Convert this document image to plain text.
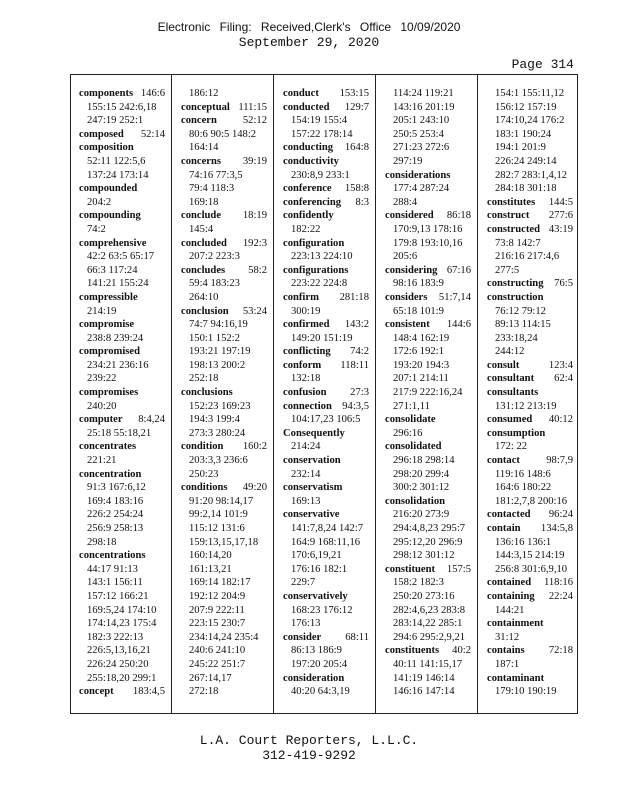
Electronic Filing: Received,Clerk's Office 10/09/2020
September 29, 2020
Page 314
components 146:6
155:15 242:6,18
247:19 252:1
composed 52:14
composition
52:11 122:5,6
137:24 173:14
compounded
204:2
compounding
74:2
comprehensive
42:2 63:5 65:17
66:3 117:24
141:21 155:24
compressible
214:19
compromise
238:8 239:24
compromised
234:21 236:16
239:22
compromises
240:20
computer 8:4,24
25:18 55:18,21
concentrates
221:21
concentration
91:3 167:6,12
169:4 183:16
226:2 254:24
256:9 258:13
298:18
concentrations
44:17 91:13
143:1 156:11
157:12 166:21
169:5,24 174:10
174:14,23 175:4
182:3 222:13
226:5,13,16,21
226:24 250:20
255:18,20 299:1
concept 183:4,5
186:12
conceptual 111:15
concern 52:12
80:6 90:5 148:2
164:14
concerns 39:19
74:16 77:3,5
79:4 118:3
169:18
conclude 18:19
145:4
concluded 192:3
207:2 223:3
concludes 58:2
59:4 183:23
264:10
conclusion 53:24
74:7 94:16,19
150:1 152:2
193:21 197:19
198:13 200:2
252:18
conclusions
152:23 169:23
194:3 199:4
273:3 280:24
condition 160:2
203:3,3 236:6
250:23
conditions 49:20
91:20 98:14,17
99:2,14 101:9
115:12 131:6
159:13,15,17,18
160:14,20
161:13,21
169:14 182:17
192:12 204:9
207:9 222:11
223:15 230:7
234:14,24 235:4
240:6 241:10
245:22 251:7
267:14,17
272:18
conduct 153:15
conducted 129:7
154:19 155:4
157:22 178:14
conducting 164:8
conductivity
230:8,9 233:1
conference 158:8
conferencing 8:3
confidently
182:22
configuration
223:13 224:10
configurations
223:22 224:8
confirm 281:18
300:19
confirmed 143:2
149:20 151:19
conflicting 74:2
conform 118:11
132:18
confusion 27:3
connection 94:3,5
104:17,23 106:5
Consequently
214:24
conservation
232:14
conservatism
169:13
conservative
141:7,8,24 142:7
164:9 168:11,16
170:6,19,21
176:16 182:1
229:7
conservatively
168:23 176:12
176:13
consider 68:11
86:13 186:9
197:20 205:4
consideration
40:20 64:3,19
114:24 119:21
143:16 201:19
205:1 243:10
250:5 253:4
271:23 272:6
297:19
considerations
177:4 287:24
288:4
considered 86:18
170:9,13 178:16
179:8 193:10,16
205:6
considering 67:16
98:16 183:9
considers 51:7,14
65:18 101:9
consistent 144:6
148:4 162:19
172:6 192:1
193:20 194:3
207:1 214:11
217:9 222:16,24
271:1,11
consolidate
296:16
consolidated
296:18 298:14
298:20 299:4
300:2 301:12
consolidation
216:20 273:9
294:4,8,23 295:7
295:12,20 296:9
298:12 301:12
constituent 157:5
158:2 182:3
250:20 273:16
282:4,6,23 283:8
283:14,22 285:1
294:6 295:2,9,21
constituents 40:2
40:11 141:15,17
141:19 146:14
146:16 147:14
154:1 155:11,12
156:12 157:19
174:10,24 176:2
183:1 190:24
194:1 201:9
226:24 249:14
282:7 283:1,4,12
284:18 301:18
constitutes 144:5
construct 277:6
constructed 43:19
73:8 142:7
216:16 217:4,6
277:5
constructing 76:5
construction
76:12 79:12
89:13 114:15
233:18,24
244:12
consult	123:4
consultant 62:4
consultants
131:12 213:19
consumed 40:12
consumption
172: 22
contact 98:7,9
119:16 148:6
164:6 180:22
181:2,7,8 200:16
contacted 96:24
contain 134:5,8
136:16 136:1
144:3,15 214:19
256:8 301:6,9,10
contained 118:16
containing 22:24
144:21
containment
31:12
contains 72:18
187:1
contaminant
179:10 190:19
L.A. Court Reporters, L.L.C.
312-419-9292
